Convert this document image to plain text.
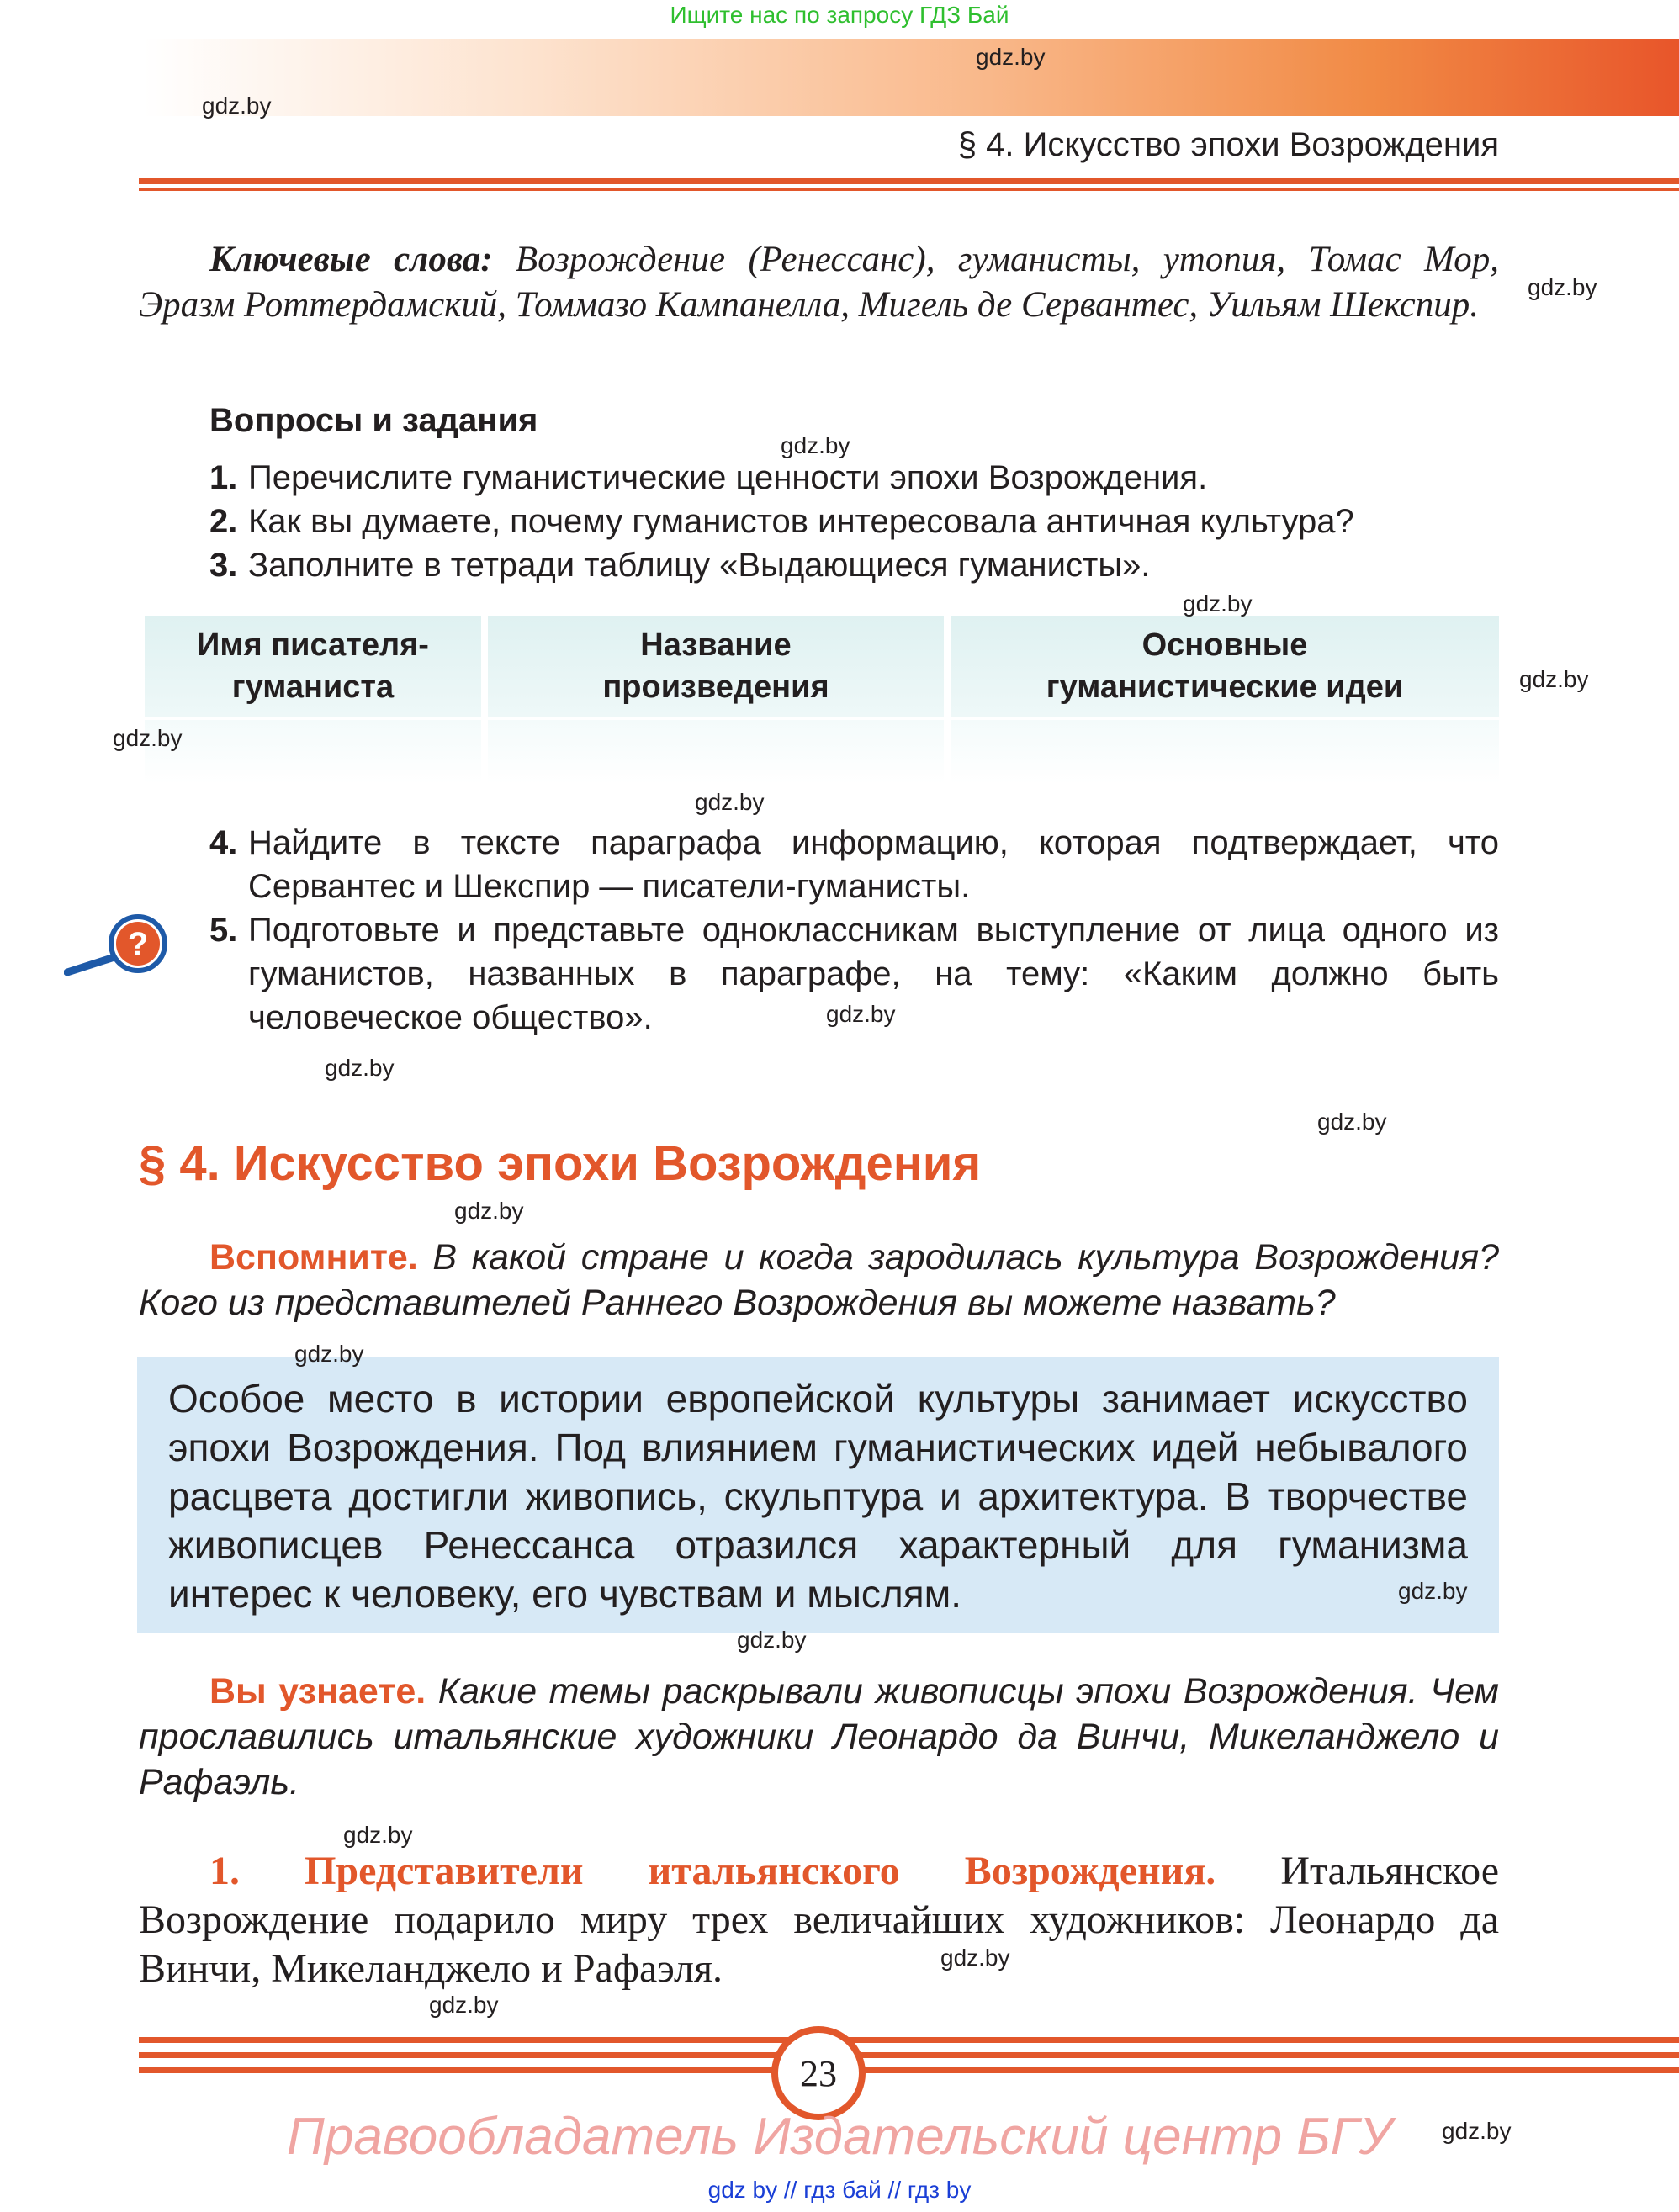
Ищите нас по запросу ГДЗ Бай
§ 4. Искусство эпохи Возрождения
Ключевые слова: Возрождение (Ренессанс), гуманисты, утопия, Томас Мор, Эразм Роттердамский, Томмазо Кампанелла, Мигель де Сервантес, Уильям Шекспир.
Вопросы и задания
1. Перечислите гуманистические ценности эпохи Возрождения.
2. Как вы думаете, почему гуманистов интересовала античная культура?
3. Заполните в тетради таблицу «Выдающиеся гуманисты».
Имя писателя-
гуманиста
Название
произведения
Основные
гуманистические идеи
4. Найдите в тексте параграфа информацию, которая подтверждает, что Сервантес и Шекспир — писатели-гуманисты.
5. Подготовьте и представьте одноклассникам выступление от лица одного из гуманистов, названных в параграфе, на тему: «Каким должно быть человеческое общество».
?
§ 4. Искусство эпохи Возрождения
Вспомните. В какой стране и когда зародилась культура Возрождения? Кого из представителей Раннего Возрождения вы можете назвать?
Особое место в истории европейской культуры занимает искусство эпохи Возрождения. Под влиянием гуманистических идей небывалого расцвета достигли живопись, скульптура и архитектура. В творчестве живописцев Ренессанса отразился характерный для гуманизма интерес к человеку, его чувствам и мыслям.
Вы узнаете. Какие темы раскрывали живописцы эпохи Возрождения. Чем прославились итальянские художники Леонардо да Винчи, Микеланджело и Рафаэль.
1. Представители итальянского Возрождения. Итальянское Возрождение подарило миру трех величайших художников: Леонардо да Винчи, Микеланджело и Рафаэля.
23
Правообладатель Издательский центр БГУ
gdz by // гдз бай // гдз by
gdz.by
gdz.by
gdz.by
gdz.by
gdz.by
gdz.by
gdz.by
gdz.by
gdz.by
gdz.by
gdz.by
gdz.by
gdz.by
gdz.by
gdz.by
gdz.by
gdz.by
gdz.by
gdz.by
